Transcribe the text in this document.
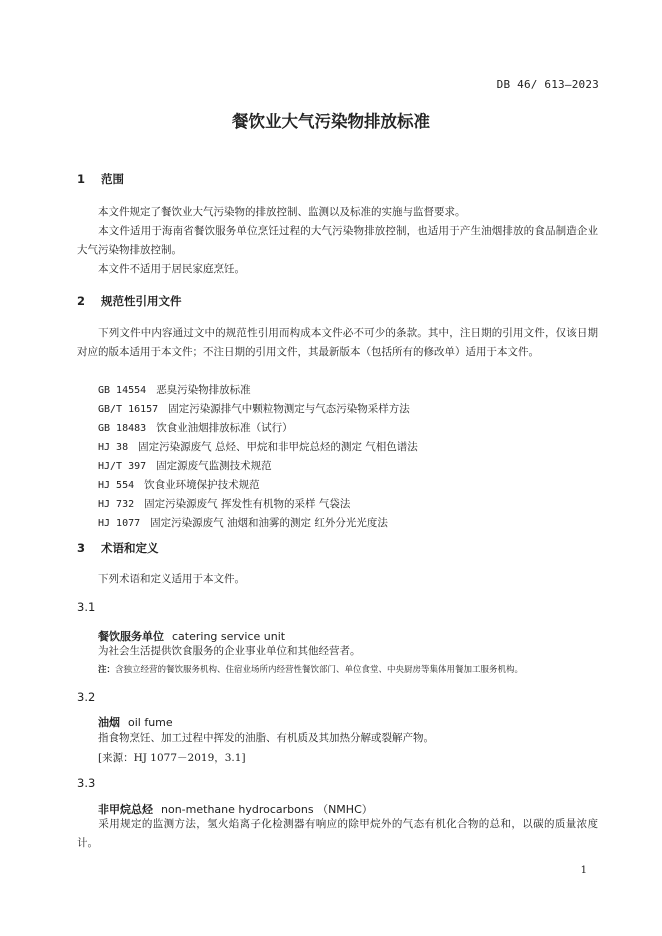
DB 46/ 613—2023
餐饮业大气污染物排放标准
1 范围
本文件规定了餐饮业大气污染物的排放控制、监测以及标准的实施与监督要求。
本文件适用于海南省餐饮服务单位烹饪过程的大气污染物排放控制，也适用于产生油烟排放的食品制造企业大气污染物排放控制。
本文件不适用于居民家庭烹饪。
2 规范性引用文件
下列文件中内容通过文中的规范性引用而构成本文件必不可少的条款。其中，注日期的引用文件，仅该日期对应的版本适用于本文件；不注日期的引用文件，其最新版本（包括所有的修改单）适用于本文件。
GB 14554 恶臭污染物排放标准
GB/T 16157 固定污染源排气中颗粒物测定与气态污染物采样方法
GB 18483 饮食业油烟排放标准（试行）
HJ 38 固定污染源废气 总烃、甲烷和非甲烷总烃的测定 气相色谱法
HJ/T 397 固定源废气监测技术规范
HJ 554 饮食业环境保护技术规范
HJ 732 固定污染源废气 挥发性有机物的采样 气袋法
HJ 1077 固定污染源废气 油烟和油雾的测定 红外分光光度法
3 术语和定义
下列术语和定义适用于本文件。
3.1
餐饮服务单位 catering service unit
为社会生活提供饮食服务的企业事业单位和其他经营者。
注：含独立经营的餐饮服务机构、住宿业场所内经营性餐饮部门、单位食堂、中央厨房等集体用餐加工服务机构。
3.2
油烟 oil fume
指食物烹饪、加工过程中挥发的油脂、有机质及其加热分解或裂解产物。
[来源：HJ 1077－2019，3.1]
3.3
非甲烷总烃 non-methane hydrocarbons （NMHC）
采用规定的监测方法，氢火焰离子化检测器有响应的除甲烷外的气态有机化合物的总和，以碳的质量浓度计。
1
